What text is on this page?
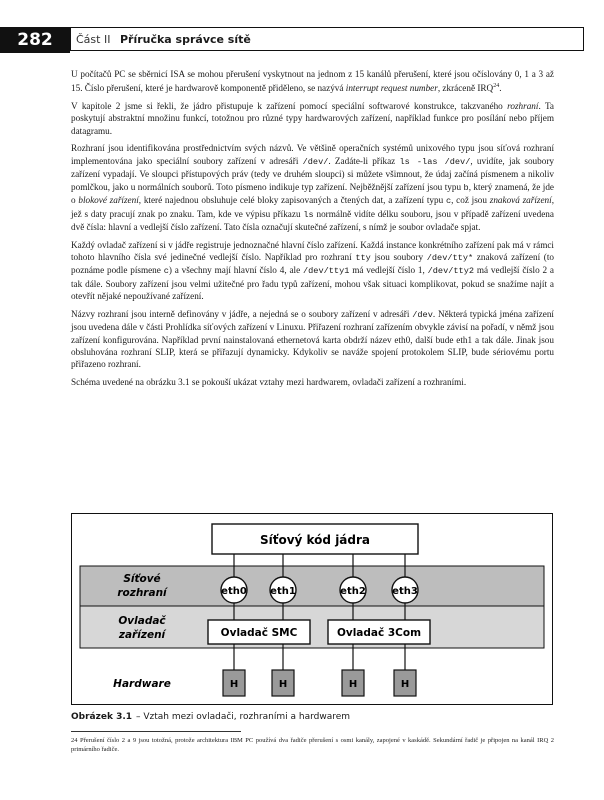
282	Část II Příručka správce sítě

U počítačů PC se sběrnicí ISA se mohou přerušení vyskytnout na jednom z 15 kanálů přerušení, které jsou očíslovány 0, 1 a 3 až 15. Číslo přerušení, které je hardwarově komponentě přiděleno, se nazývá interrupt request number, zkráceně IRQ$^{24}$.

V kapitole 2 jsme si řekli, že jádro přistupuje k zařízení pomocí speciální softwarové konstrukce, takzvaného rozhraní. Ta poskytují abstraktní množinu funkcí, totožnou pro různé typy hardwarových zařízení, například funkce pro posílání nebo příjem datagramu.

Rozhraní jsou identifikována prostřednictvím svých názvů. Ve většině operačních systémů unixového typu jsou síťová rozhraní implementována jako speciální soubory zařízení v adresáři /dev/. Zadáte-li příkaz ls -las /dev/, uvidíte, jak soubory zařízení vypadají. Ve sloupci přístupových práv (tedy ve druhém sloupci) si můžete všimnout, že údaj začíná písmenem a nikoliv pomlčkou, jako u normálních souborů. Toto písmeno indikuje typ zařízení. Nejběžnější zařízení jsou typu b, který znamená, že jde o blokové zařízení, které najednou obsluhuje celé bloky zapisovaných a čtených dat, a zařízení typu c, což jsou znaková zařízení, jež s daty pracují znak po znaku. Tam, kde ve výpisu příkazu ls normálně vidíte délku souboru, jsou v případě zařízení uvedena dvě čísla: hlavní a vedlejší číslo zařízení. Tato čísla označují skutečné zařízení, s nímž je soubor ovladače spjat.

Každý ovladač zařízení si v jádře registruje jednoznačné hlavní číslo zařízení. Každá instance konkrétního zařízení pak má v rámci tohoto hlavního čísla své jedinečné vedlejší číslo. Například pro rozhraní tty jsou soubory /dev/tty* znaková zařízení (to poznáme podle písmene c) a všechny mají hlavní číslo 4, ale /dev/tty1 má vedlejší číslo 1, /dev/tty2 má vedlejší číslo 2 a tak dále. Soubory zařízení jsou velmi užitečné pro řadu typů zařízení, mohou však situaci komplikovat, pokud se snažíme najít a otevřít nějaké nepoužívané zařízení.

Názvy rozhraní jsou interně definovány v jádře, a nejedná se o soubory zařízení v adresáři /dev. Některá typická jména zařízení jsou uvedena dále v části Prohlídka síťových zařízení v Linuxu. Přiřazení rozhraní zařízením obvykle závisí na pořadí, v němž jsou zařízení konfigurována. Například první nainstalovaná ethernetová karta obdrží název eth0, další bude eth1 a tak dále. Jinak jsou obsluhována rozhraní SLIP, která se přiřazují dynamicky. Kdykoliv se naváže spojení protokolem SLIP, bude sériovému portu přiřazeno rozhraní.

Schéma uvedené na obrázku 3.1 se pokouší ukázat vztahy mezi hardwarem, ovladači zařízení a rozhraními.

Síťový kód jádra
Síťové
rozhraní
Ovladač
zařízení
Hardware
eth0 eth1	eth2	eth3
Ovladač SMC	Ovladač 3Com
H	H	H	H
Obrázek 3.1 – Vztah mezi ovladači, rozhraními a hardwarem
24 Přerušení číslo 2 a 9 jsou totožná, protože architektura IBM PC používá dva řadiče přerušení s osmi kanály, zapojené v kaskádě. Sekundární řadič je připojen na kanál IRQ 2 primárního řadiče.
